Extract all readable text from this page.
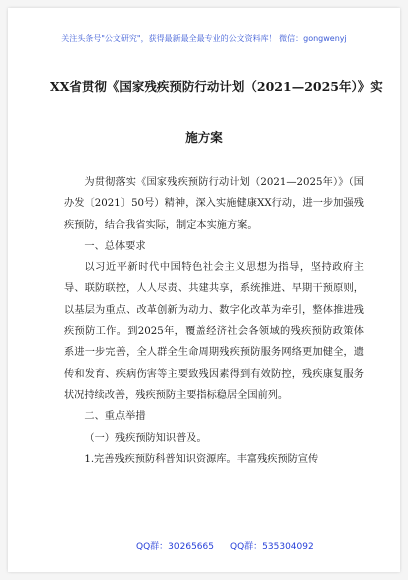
关注头条号"公文研究"，获得最新最全最专业的公文资料库！ 微信：gongwenyj
XX省贯彻《国家残疾预防行动计划（2021—2025年）》实
施方案

为贯彻落实《国家残疾预防行动计划（2021—2025年）》（国办发〔2021〕50号）精神，深入实施健康XX行动，进一步加强残疾预防，结合我省实际，制定本实施方案。

一、总体要求

以习近平新时代中国特色社会主义思想为指导，坚持政府主导、联防联控，人人尽责、共建共享，系统推进、早期干预原则，以基层为重点、改革创新为动力、数字化改革为牵引，整体推进残疾预防工作。到2025年，覆盖经济社会各领域的残疾预防政策体系进一步完善，全人群全生命周期残疾预防服务网络更加健全，遗传和发育、疾病伤害等主要致残因素得到有效防控，残疾康复服务状况持续改善，残疾预防主要指标稳居全国前列。

二、重点举措

（一）残疾预防知识普及。

1.完善残疾预防科普知识资源库。丰富残疾预防宣传

QQ群：30265665 QQ群：535304092
